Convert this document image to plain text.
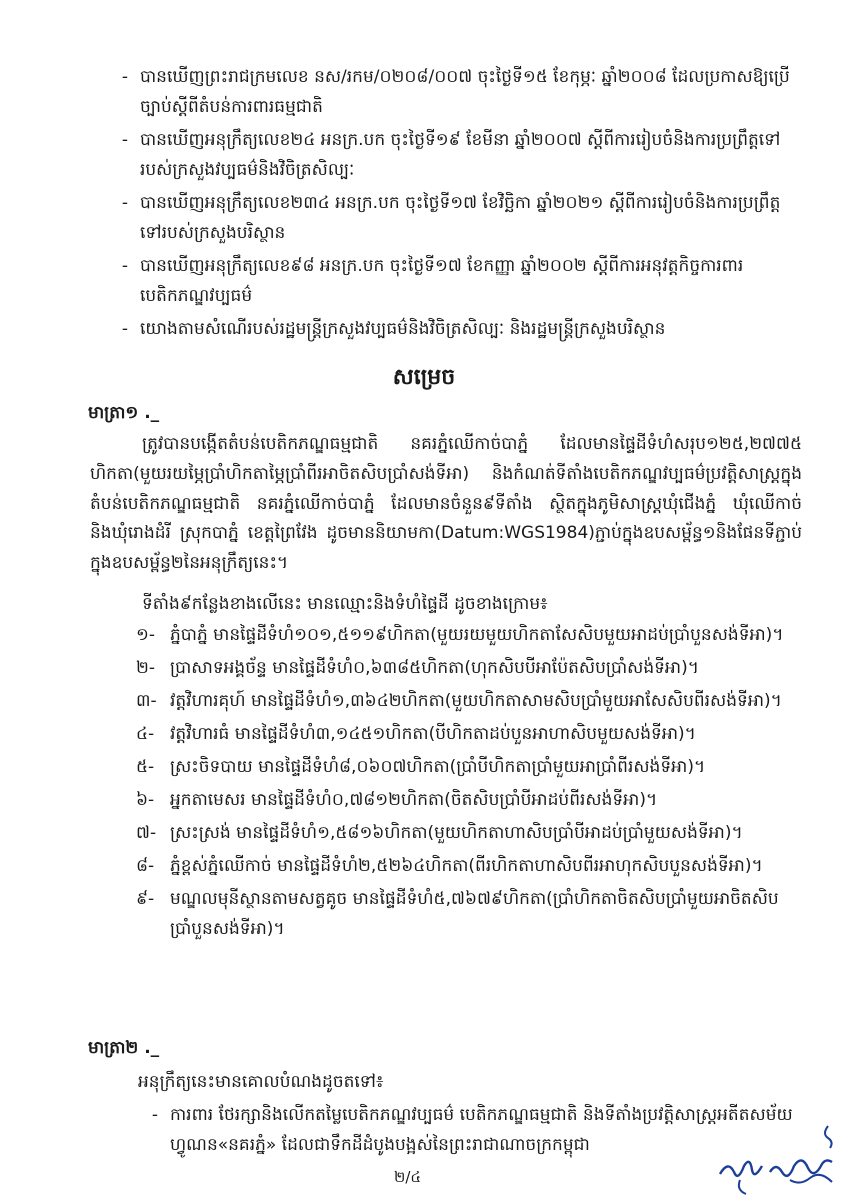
- បានឃើញព្រះរាជក្រមលេខ នស/រកម/០២០៨/០០៧ ចុះថ្ងៃទី១៥ ខែកុម្ភៈ ឆ្នាំ២០០៨ ដែលប្រកាសឱ្យប្រើច្បាប់ស្តីពីតំបន់ការពារធម្មជាតិ
- បានឃើញអនុក្រឹត្យលេខ២៤ អនក្រ.បក ចុះថ្ងៃទី១៩ ខែមីនា ឆ្នាំ២០០៧ ស្តីពីការរៀបចំនិងការប្រព្រឹត្តទៅរបស់ក្រសួងវប្បធម៌និងវិចិត្រសិល្បៈ
- បានឃើញអនុក្រឹត្យលេខ២៣៤ អនក្រ.បក ចុះថ្ងៃទី១៧ ខែវិច្ឆិកា ឆ្នាំ២០២១ ស្តីពីការរៀបចំនិងការប្រព្រឹត្តទៅរបស់ក្រសួងបរិស្ថាន
- បានឃើញអនុក្រឹត្យលេខ៩៨ អនក្រ.បក ចុះថ្ងៃទី១៧ ខែកញ្ញា ឆ្នាំ២០០២ ស្តីពីការអនុវត្តកិច្ចការពារបេតិកភណ្ឌវប្បធម៌
- យោងតាមសំណើរបស់រដ្ឋមន្ត្រីក្រសួងវប្បធម៌និងវិចិត្រសិល្បៈ និងរដ្ឋមន្ត្រីក្រសួងបរិស្ថាន
សម្រេច
មាត្រា១ ._
ត្រូវបានបង្កើតតំបន់បេតិកភណ្ឌធម្មជាតិ នគរភ្នំឈើកាច់បាភ្នំ ដែលមានផ្ទៃដីទំហំសរុប១២៥,២៧៧៥ ហិកតា(មួយរយម្ភៃប្រាំហិកតាម្ភៃប្រាំពីរអាចិតសិបប្រាំសង់ទីអា) និងកំណត់ទីតាំងបេតិកភណ្ឌវប្បធម៌ប្រវត្តិសាស្ត្រក្នុងតំបន់បេតិកភណ្ឌធម្មជាតិ នគរភ្នំឈើកាច់បាភ្នំ ដែលមានចំនួន៩ទីតាំង ស្ថិតក្នុងភូមិសាស្ត្រឃុំជើងភ្នំ ឃុំឈើកាច់ និងឃុំរោងដំរី ស្រុកបាភ្នំ ខេត្តព្រៃវែង ដូចមាននិយាមកា(Datum:WGS1984)ភ្ជាប់ក្នុងឧបសម្ព័ន្ធ១និងផែនទីភ្ជាប់ក្នុងឧបសម្ព័ន្ធ២នៃអនុក្រឹត្យនេះ។
ទីតាំង៩កន្លែងខាងលើនេះ មានឈ្មោះនិងទំហំផ្ទៃដី ដូចខាងក្រោម៖
១- ភ្នំបាភ្នំ មានផ្ទៃដីទំហំ១០១,៥១១៩ហិកតា(មួយរយមួយហិកតាសែសិបមួយអាដប់ប្រាំបួនសង់ទីអា)។
២- ប្រាសាទអង្គច័ន្ទ មានផ្ទៃដីទំហំ០,៦៣៨៥ហិកតា(ហុកសិបបីអាប៉ែតសិបប្រាំសង់ទីអា)។
៣- វត្តវិហារគុហ៍ មានផ្ទៃដីទំហំ១,៣៦៤២ហិកតា(មួយហិកតាសាមសិបប្រាំមួយអាសែសិបពីរសង់ទីអា)។
៤- វត្តវិហារធំ មានផ្ទៃដីទំហំ៣,១៤៥១ហិកតា(បីហិកតាដប់បួនអាហាសិបមួយសង់ទីអា)។
៥- ស្រះចិទបាយ មានផ្ទៃដីទំហំ៨,០៦០៧ហិកតា(ប្រាំបីហិកតាប្រាំមួយអាប្រាំពីរសង់ទីអា)។
៦- អ្នកតាមេសរ មានផ្ទៃដីទំហំ០,៧៨១២ហិកតា(ចិតសិបប្រាំបីអាដប់ពីរសង់ទីអា)។
៧- ស្រះស្រង់ មានផ្ទៃដីទំហំ១,៥៨១៦ហិកតា(មួយហិកតាហាសិបប្រាំបីអាដប់ប្រាំមួយសង់ទីអា)។
៨- ភ្នំខ្ពស់ភ្នំឈើកាច់ មានផ្ទៃដីទំហំ២,៥២៦៤ហិកតា(ពីរហិកតាហាសិបពីរអាហុកសិបបួនសង់ទីអា)។
៩- មណ្ឌលមុនីស្ថានតាមសត្វគូច មានផ្ទៃដីទំហំ៥,៧៦៧៩ហិកតា(ប្រាំហិកតាចិតសិបប្រាំមួយអាចិតសិបប្រាំបួនសង់ទីអា)។
មាត្រា២ ._
អនុក្រឹត្យនេះមានគោលបំណងដូចតទៅ៖
- ការពារ ថែរក្សានិងលើកតម្លៃបេតិកភណ្ឌវប្បធម៌ បេតិកភណ្ឌធម្មជាតិ និងទីតាំងប្រវត្តិសាស្ត្រអតីតសម័យហ្វូណន«នគរភ្នំ» ដែលជាទឹកដីដំបូងបង្អស់នៃព្រះរាជាណាចក្រកម្ពុជា
២/៤
